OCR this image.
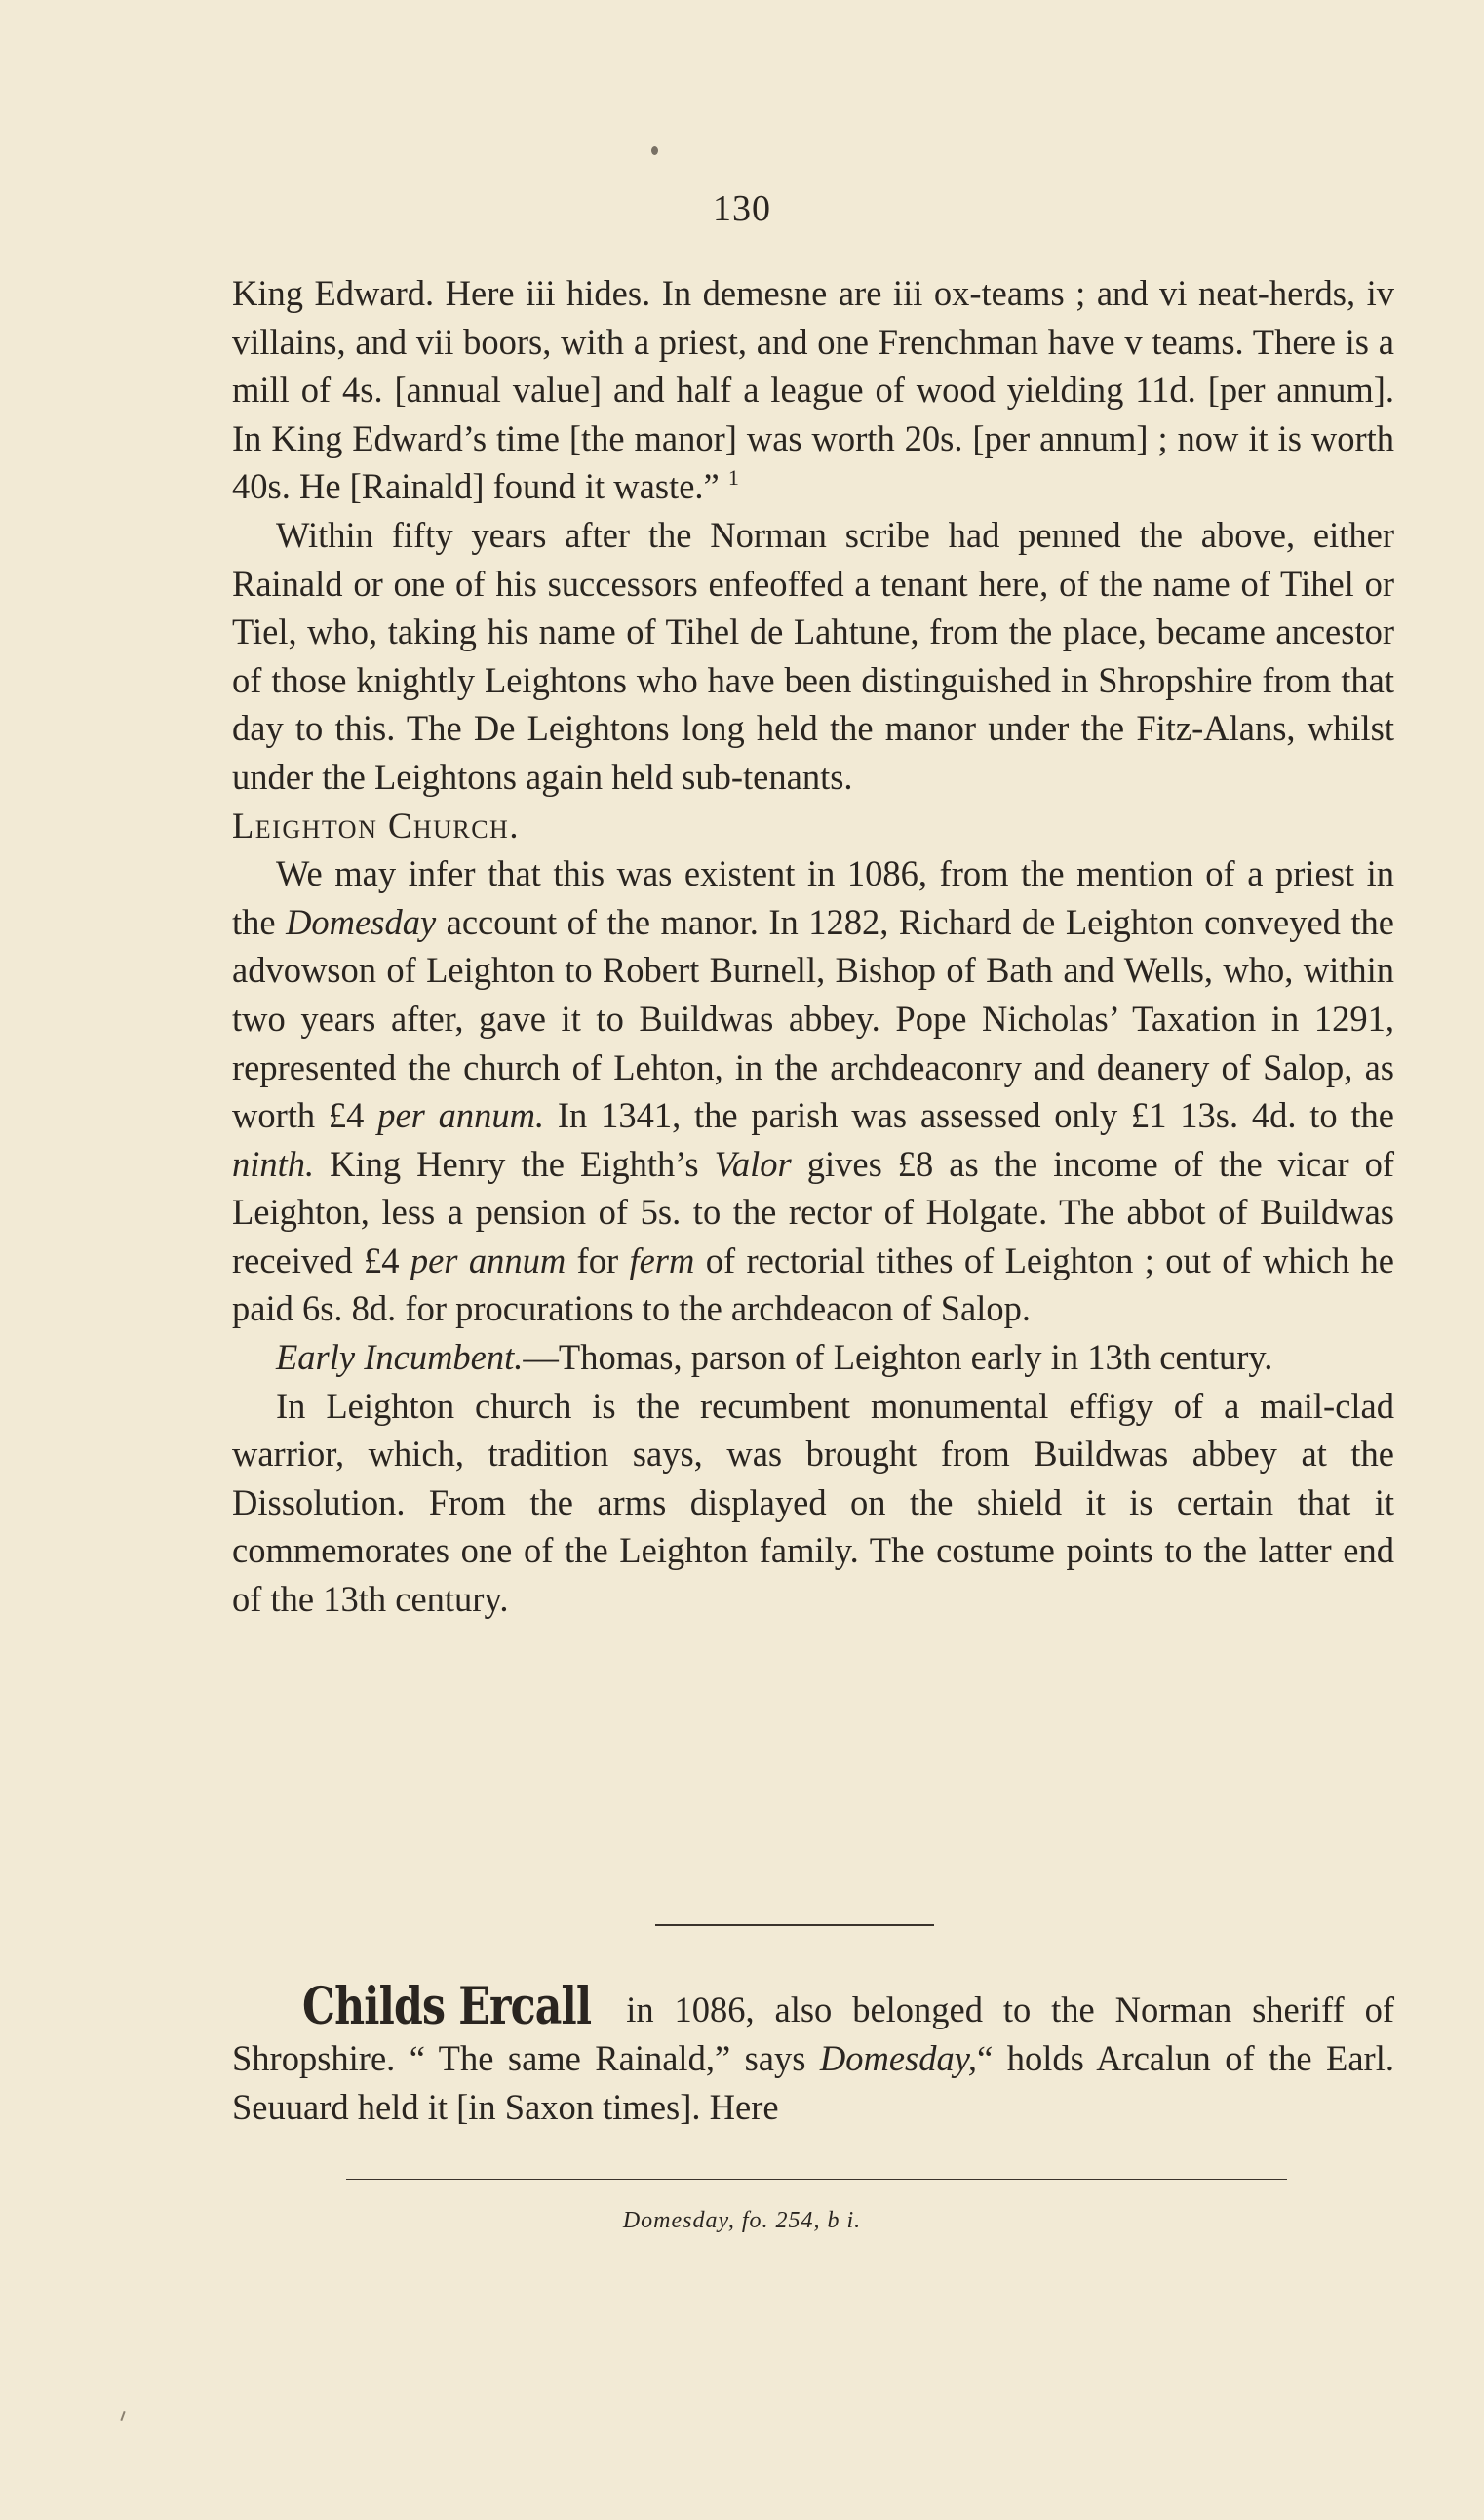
130

King Edward. Here iii hides. In demesne are iii ox-teams ; and vi neat-herds, iv villains, and vii boors, with a priest, and one Frenchman have v teams. There is a mill of 4s. [annual value] and half a league of wood yielding 11d. [per annum]. In King Edward’s time [the manor] was worth 20s. [per annum] ; now it is worth 40s. He [Rainald] found it waste.” $^1$

Within fifty years after the Norman scribe had penned the above, either Rainald or one of his successors enfeoffed a tenant here, of the name of Tihel or Tiel, who, taking his name of Tihel de Lahtune, from the place, became ancestor of those knightly Leightons who have been distinguished in Shropshire from that day to this. The De Leightons long held the manor under the Fitz-Alans, whilst under the Leightons again held sub-tenants.

Leighton Church.

We may infer that this was existent in 1086, from the mention of a priest in the Domesday account of the manor. In 1282, Richard de Leighton conveyed the advowson of Leighton to Robert Burnell, Bishop of Bath and Wells, who, within two years after, gave it to Buildwas abbey. Pope Nicholas’ Taxation in 1291, represented the church of Lehton, in the archdeaconry and deanery of Salop, as worth £4 per annum. In 1341, the parish was assessed only £1 13s. 4d. to the ninth. King Henry the Eighth’s Valor gives £8 as the income of the vicar of Leighton, less a pension of 5s. to the rector of Holgate. The abbot of Buildwas received £4 per annum for ferm of rectorial tithes of Leighton ; out of which he paid 6s. 8d. for procurations to the archdeacon of Salop.

Early Incumbent.—Thomas, parson of Leighton early in 13th century.

In Leighton church is the recumbent monumental effigy of a mail-clad warrior, which, tradition says, was brought from Buildwas abbey at the Dissolution. From the arms displayed on the shield it is certain that it commemorates one of the Leighton family. The costume points to the latter end of the 13th century.

Childs Ercall in 1086, also belonged to the Norman sheriff of Shropshire. “ The same Rainald,” says Domesday,“ holds Arcalun of the Earl. Seuuard held it [in Saxon times]. Here

Domesday, fo. 254, b i.
